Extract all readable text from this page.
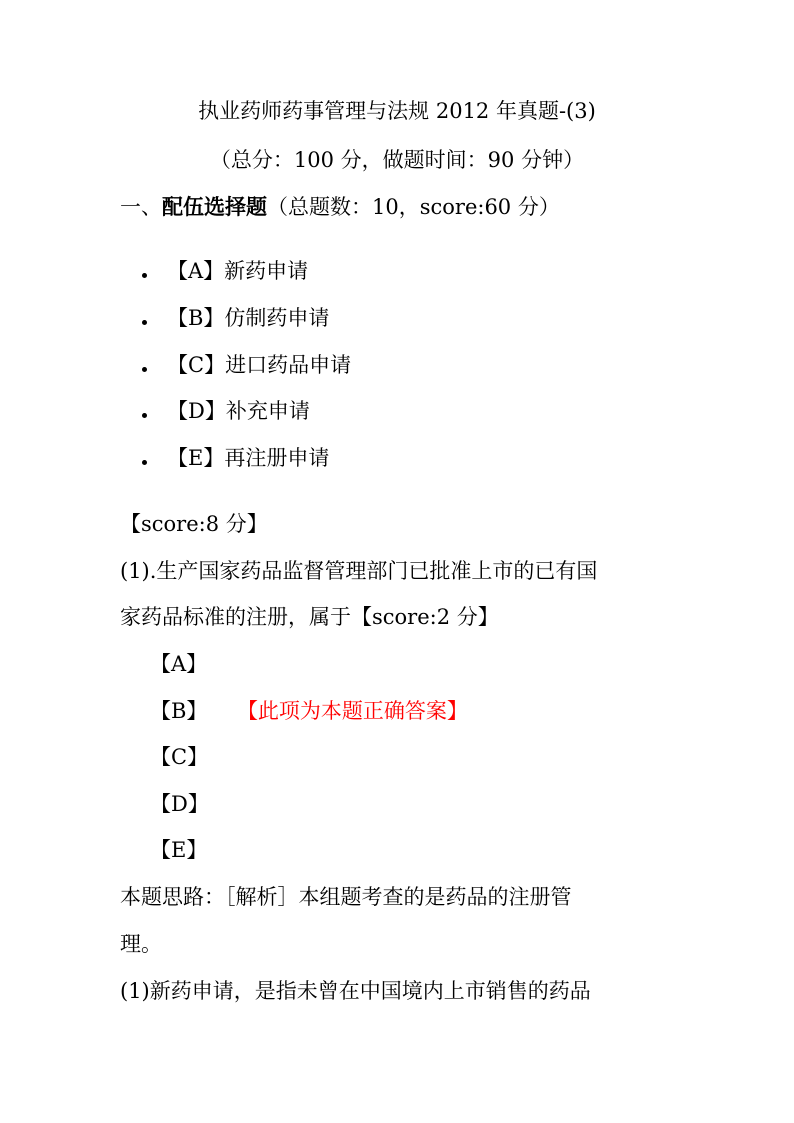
执业药师药事管理与法规 2012 年真题-(3)
（总分：100 分，做题时间：90 分钟）
一、配伍选择题（总题数：10，score:60 分）
【A】新药申请
【B】仿制药申请
【C】进口药品申请
【D】补充申请
【E】再注册申请
【score:8 分】
(1).生产国家药品监督管理部门已批准上市的已有国
家药品标准的注册，属于【score:2 分】
【A】
【B】 【此项为本题正确答案】
【C】
【D】
【E】
本题思路：［解析］本组题考查的是药品的注册管
理。
(1)新药申请，是指未曾在中国境内上市销售的药品
